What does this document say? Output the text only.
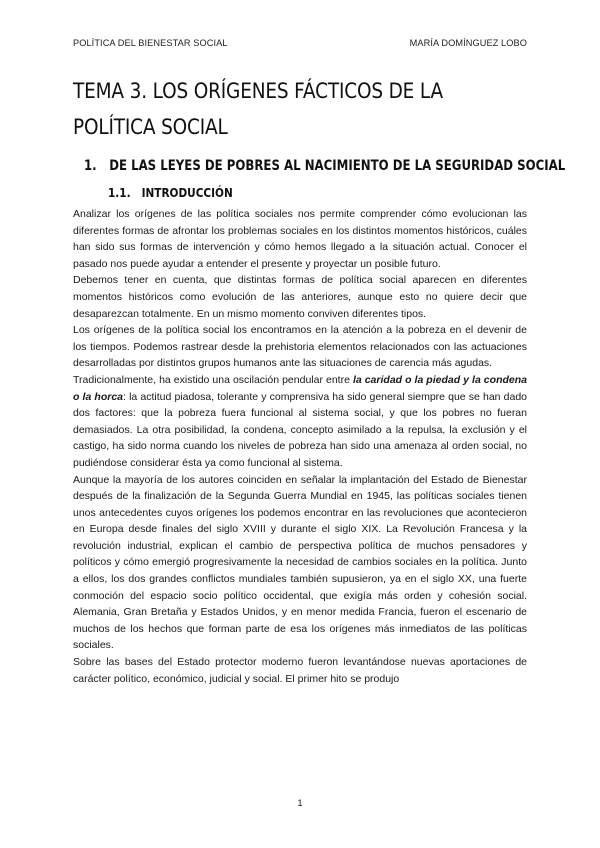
POLÍTICA DEL BIENESTAR SOCIAL	MARÍA DOMÍNGUEZ LOBO
TEMA 3. LOS ORÍGENES FÁCTICOS DE LA POLÍTICA SOCIAL
1. DE LAS LEYES DE POBRES AL NACIMIENTO DE LA SEGURIDAD SOCIAL
1.1. INTRODUCCIÓN

Analizar los orígenes de las política sociales nos permite comprender cómo evolucionan las diferentes formas de afrontar los problemas sociales en los distintos momentos históricos, cuáles han sido sus formas de intervención y cómo hemos llegado a la situación actual. Conocer el pasado nos puede ayudar a entender el presente y proyectar un posible futuro.

Debemos tener en cuenta, que distintas formas de política social aparecen en diferentes momentos históricos como evolución de las anteriores, aunque esto no quiere decir que desaparezcan totalmente. En un mismo momento conviven diferentes tipos.

Los orígenes de la política social los encontramos en la atención a la pobreza en el devenir de los tiempos. Podemos rastrear desde la prehistoria elementos relacionados con las actuaciones desarrolladas por distintos grupos humanos ante las situaciones de carencia más agudas.

Tradicionalmente, ha existido una oscilación pendular entre la caridad o la piedad y la condena o la horca: la actitud piadosa, tolerante y comprensiva ha sido general siempre que se han dado dos factores: que la pobreza fuera funcional al sistema social, y que los pobres no fueran demasiados. La otra posibilidad, la condena, concepto asimilado a la repulsa, la exclusión y el castigo, ha sido norma cuando los niveles de pobreza han sido una amenaza al orden social, no pudiéndose considerar ésta ya como funcional al sistema.

Aunque la mayoría de los autores coinciden en señalar la implantación del Estado de Bienestar después de la finalización de la Segunda Guerra Mundial en 1945, las políticas sociales tienen unos antecedentes cuyos orígenes los podemos encontrar en las revoluciones que acontecieron en Europa desde finales del siglo XVIII y durante el siglo XIX. La Revolución Francesa y la revolución industrial, explican el cambio de perspectiva política de muchos pensadores y políticos y cómo emergió progresivamente la necesidad de cambios sociales en la política. Junto a ellos, los dos grandes conflictos mundiales también supusieron, ya en el siglo XX, una fuerte conmoción del espacio socio político occidental, que exigía más orden y cohesión social. Alemania, Gran Bretaña y Estados Unidos, y en menor medida Francia, fueron el escenario de muchos de los hechos que forman parte de esa los orígenes más inmediatos de las políticas sociales.

Sobre las bases del Estado protector moderno fueron levantándose nuevas aportaciones de carácter político, económico, judicial y social. El primer hito se produjo

1
